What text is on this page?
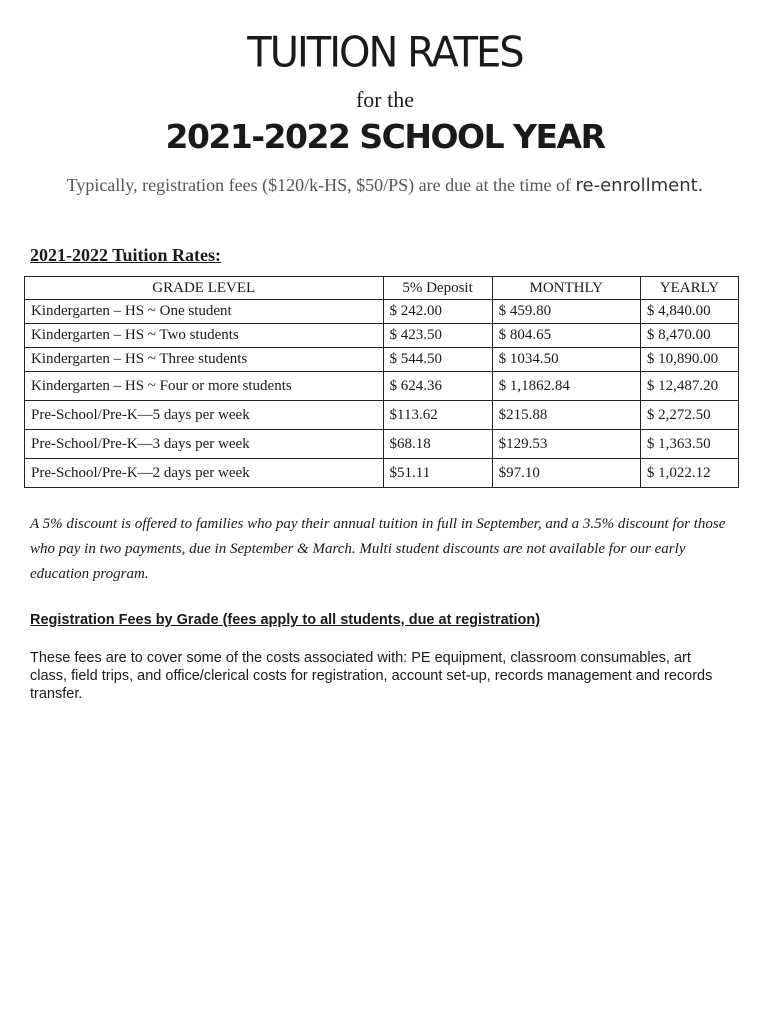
TUITION RATES

for the

2021-2022 SCHOOL YEAR

Typically, registration fees ($120/k-HS, $50/PS) are due at the time of re-enrollment.

2021-2022 Tuition Rates:
GRADE LEVEL	5% Deposit	MONTHLY	YEARLY
Kindergarten – HS ~ One student	$ 242.00	$ 459.80	$ 4,840.00
Kindergarten – HS ~ Two students	$ 423.50	$ 804.65	$ 8,470.00
Kindergarten – HS ~ Three students	$ 544.50	$ 1034.50	$ 10,890.00
Kindergarten – HS ~ Four or more students	$ 624.36	$ 1,1862.84	$ 12,487.20
Pre-School/Pre-K—5 days per week	$113.62	$215.88	$ 2,272.50
Pre-School/Pre-K—3 days per week	$68.18	$129.53	$ 1,363.50
Pre-School/Pre-K—2 days per week	$51.11	$97.10	$ 1,022.12

A 5% discount is offered to families who pay their annual tuition in full in September, and a 3.5% discount for those who pay in two payments, due in September & March. Multi student discounts are not available for our early education program.

Registration Fees by Grade (fees apply to all students, due at registration)

These fees are to cover some of the costs associated with: PE equipment, classroom consumables, art class, field trips, and office/clerical costs for registration, account set-up, records management and records transfer.
